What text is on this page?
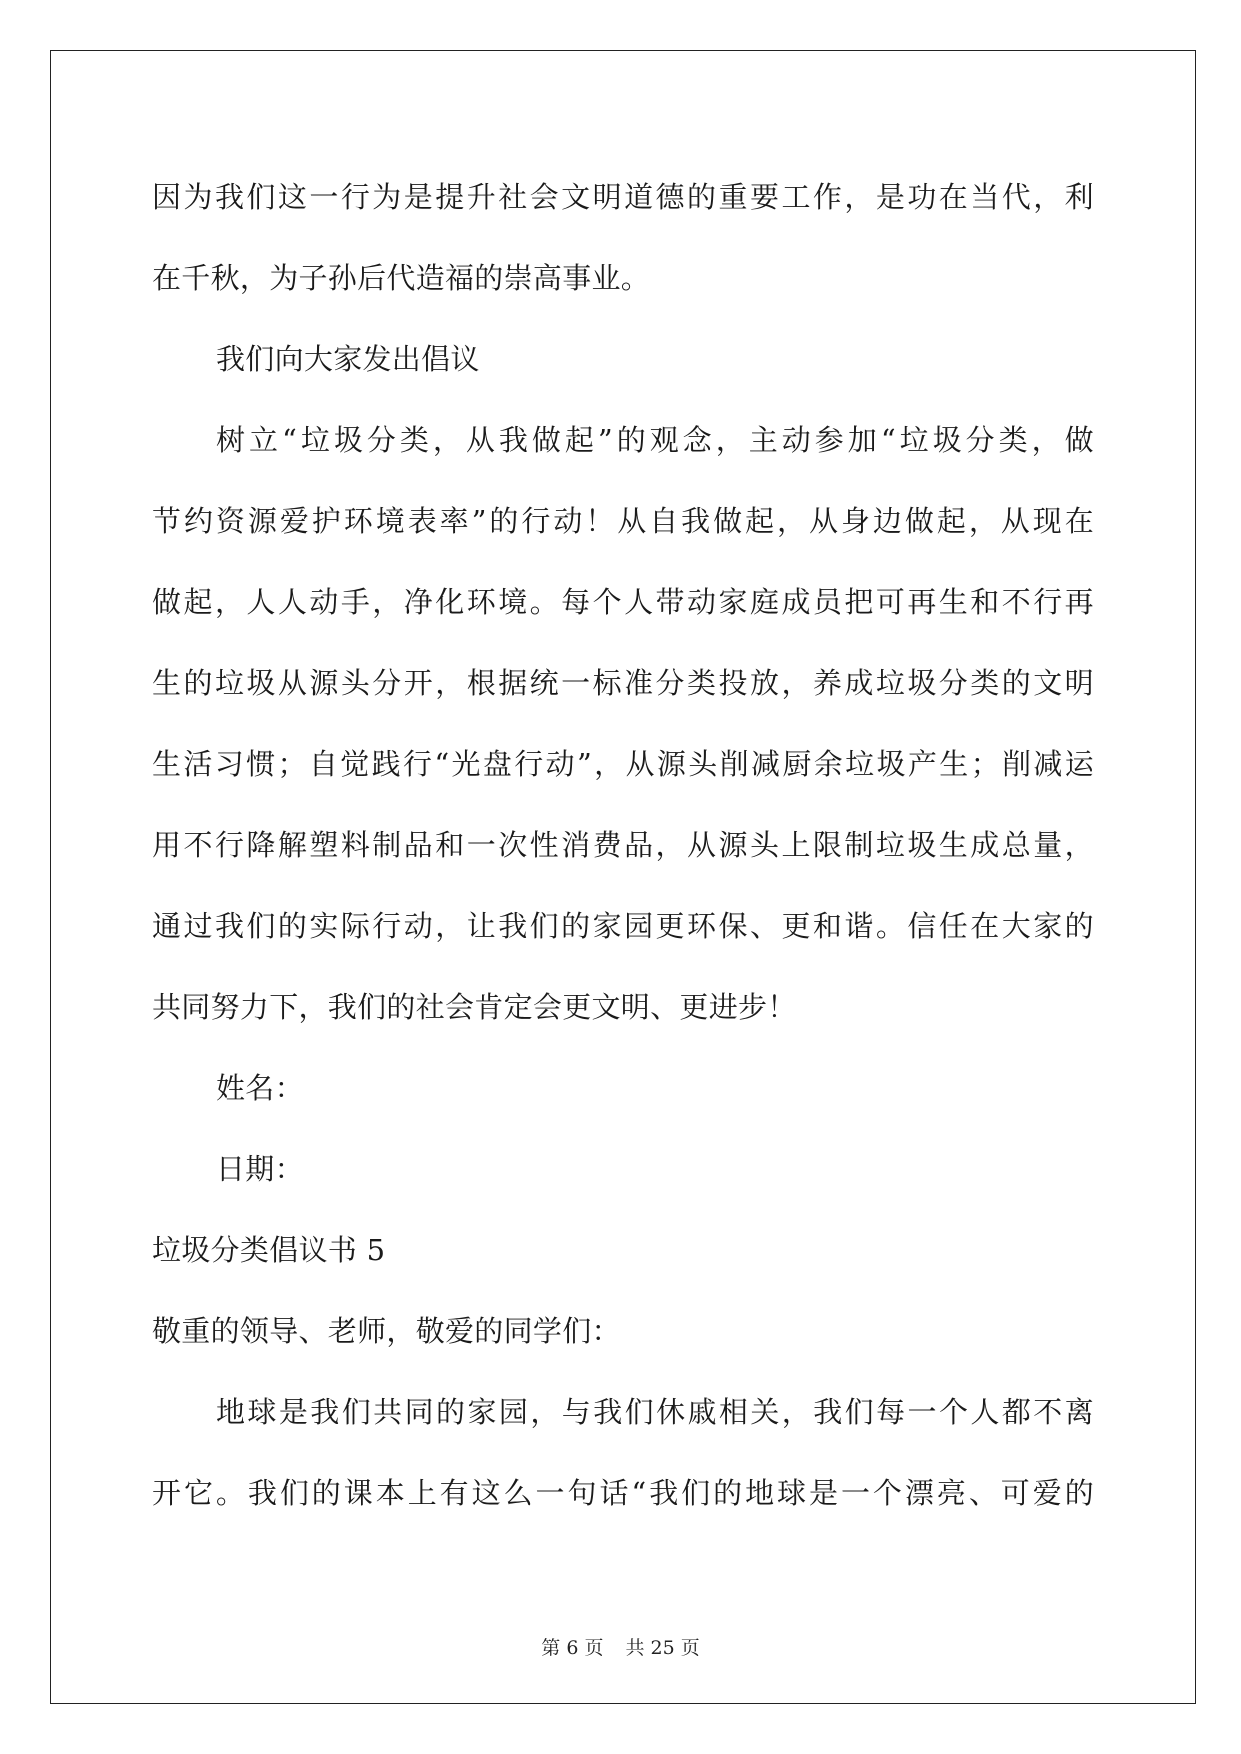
因为我们这一行为是提升社会文明道德的重要工作，是功在当代，利
在千秋，为子孙后代造福的崇高事业。
我们向大家发出倡议
树立“垃圾分类，从我做起”的观念，主动参加“垃圾分类，做
节约资源爱护环境表率”的行动！从自我做起，从身边做起，从现在
做起，人人动手，净化环境。每个人带动家庭成员把可再生和不行再
生的垃圾从源头分开，根据统一标准分类投放，养成垃圾分类的文明
生活习惯；自觉践行“光盘行动”，从源头削减厨余垃圾产生；削减运
用不行降解塑料制品和一次性消费品，从源头上限制垃圾生成总量，
通过我们的实际行动，让我们的家园更环保、更和谐。信任在大家的
共同努力下，我们的社会肯定会更文明、更进步！
姓名：
日期：
垃圾分类倡议书 5
敬重的领导、老师，敬爱的同学们：
地球是我们共同的家园，与我们休戚相关，我们每一个人都不离
开它。我们的课本上有这么一句话“我们的地球是一个漂亮、可爱的
第 6 页 共 25 页
